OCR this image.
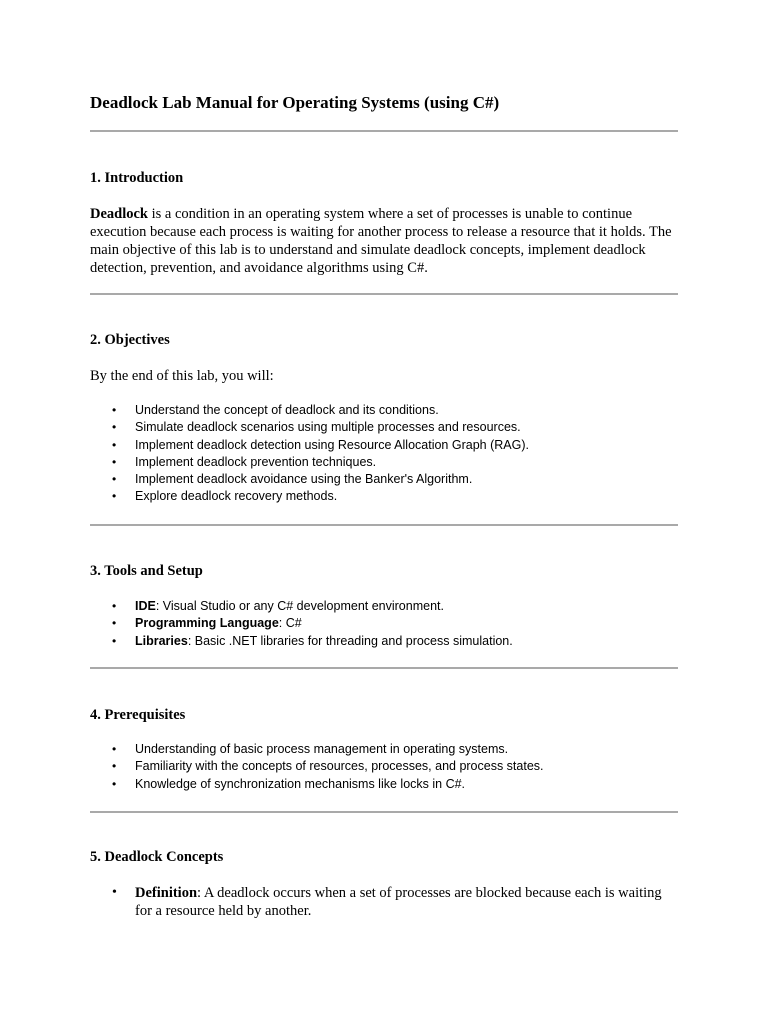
Deadlock Lab Manual for Operating Systems (using C#)
1. Introduction
Deadlock is a condition in an operating system where a set of processes is unable to continue execution because each process is waiting for another process to release a resource that it holds. The main objective of this lab is to understand and simulate deadlock concepts, implement deadlock detection, prevention, and avoidance algorithms using C#.
2. Objectives
By the end of this lab, you will:
• Understand the concept of deadlock and its conditions.
• Simulate deadlock scenarios using multiple processes and resources.
• Implement deadlock detection using Resource Allocation Graph (RAG).
• Implement deadlock prevention techniques.
• Implement deadlock avoidance using the Banker's Algorithm.
• Explore deadlock recovery methods.
3. Tools and Setup
• IDE: Visual Studio or any C# development environment.
• Programming Language: C#
• Libraries: Basic .NET libraries for threading and process simulation.
4. Prerequisites
• Understanding of basic process management in operating systems.
• Familiarity with the concepts of resources, processes, and process states.
• Knowledge of synchronization mechanisms like locks in C#.
5. Deadlock Concepts
• Definition: A deadlock occurs when a set of processes are blocked because each is waiting for a resource held by another.
